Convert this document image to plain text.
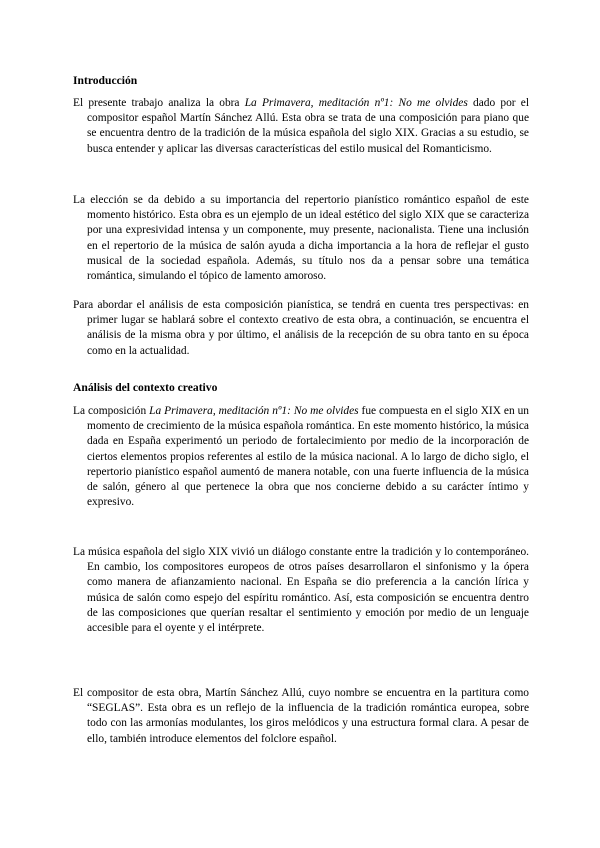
Introducción
El presente trabajo analiza la obra La Primavera, meditación nº1: No me olvides dado por el compositor español Martín Sánchez Allú. Esta obra se trata de una composición para piano que se encuentra dentro de la tradición de la música española del siglo XIX. Gracias a su estudio, se busca entender y aplicar las diversas características del estilo musical del Romanticismo.
La elección se da debido a su importancia del repertorio pianístico romántico español de este momento histórico. Esta obra es un ejemplo de un ideal estético del siglo XIX que se caracteriza por una expresividad intensa y un componente, muy presente, nacionalista. Tiene una inclusión en el repertorio de la música de salón ayuda a dicha importancia a la hora de reflejar el gusto musical de la sociedad española. Además, su título nos da a pensar sobre una temática romántica, simulando el tópico de lamento amoroso.
Para abordar el análisis de esta composición pianística, se tendrá en cuenta tres perspectivas: en primer lugar se hablará sobre el contexto creativo de esta obra, a continuación, se encuentra el análisis de la misma obra y por último, el análisis de la recepción de su obra tanto en su época como en la actualidad.
Análisis del contexto creativo
La composición La Primavera, meditación nº1: No me olvides fue compuesta en el siglo XIX en un momento de crecimiento de la música española romántica. En este momento histórico, la música dada en España experimentó un periodo de fortalecimiento por medio de la incorporación de ciertos elementos propios referentes al estilo de la música nacional. A lo largo de dicho siglo, el repertorio pianístico español aumentó de manera notable, con una fuerte influencia de la música de salón, género al que pertenece la obra que nos concierne debido a su carácter íntimo y expresivo.
La música española del siglo XIX vivió un diálogo constante entre la tradición y lo contemporáneo. En cambio, los compositores europeos de otros países desarrollaron el sinfonismo y la ópera como manera de afianzamiento nacional. En España se dio preferencia a la canción lírica y música de salón como espejo del espíritu romántico. Así, esta composición se encuentra dentro de las composiciones que querían resaltar el sentimiento y emoción por medio de un lenguaje accesible para el oyente y el intérprete.
El compositor de esta obra, Martín Sánchez Allú, cuyo nombre se encuentra en la partitura como “SEGLAS”. Esta obra es un reflejo de la influencia de la tradición romántica europea, sobre todo con las armonías modulantes, los giros melódicos y una estructura formal clara. A pesar de ello, también introduce elementos del folclore español.
